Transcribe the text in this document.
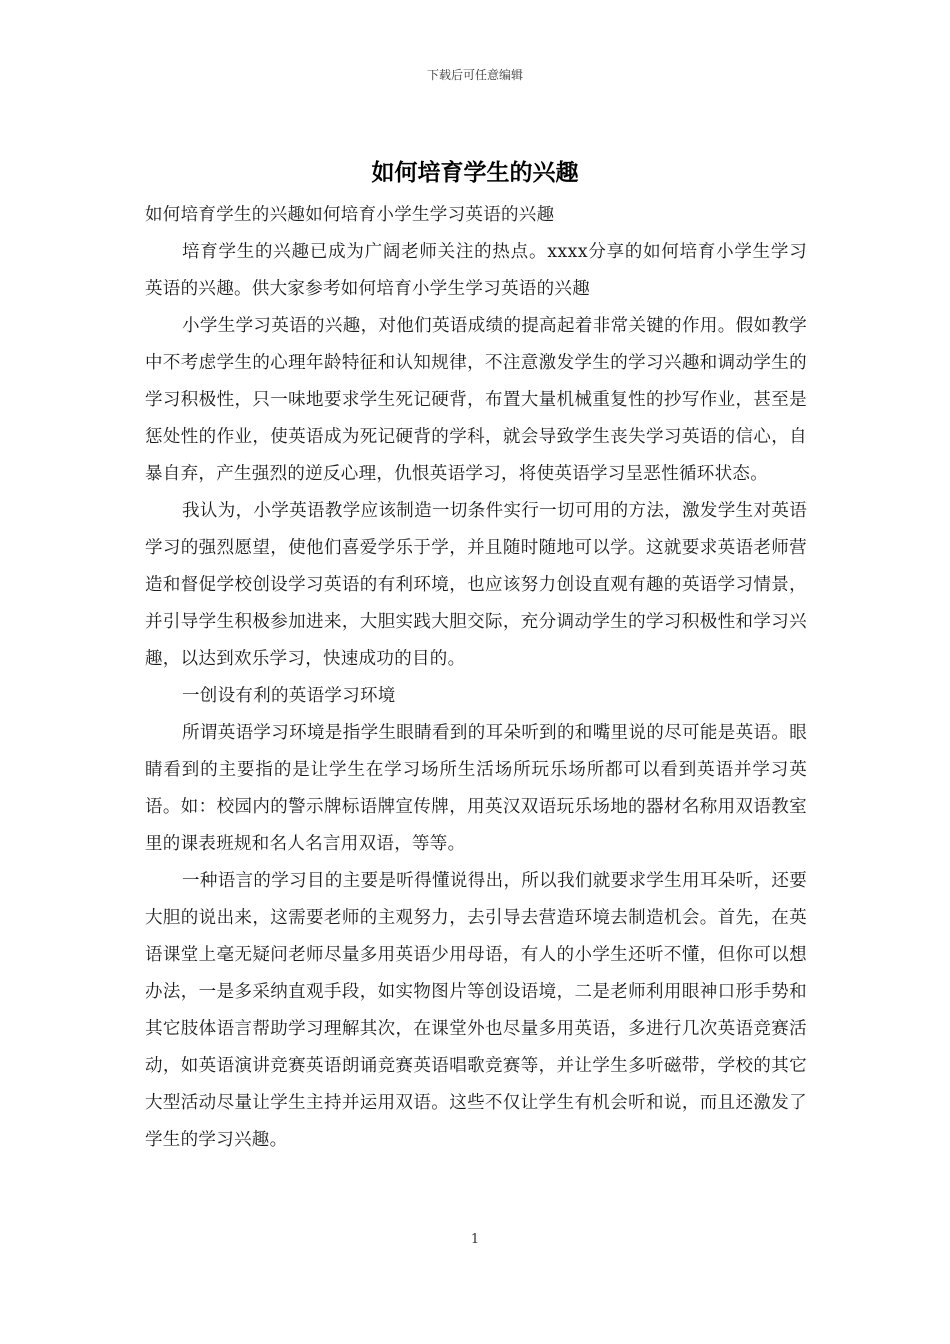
下载后可任意编辑
如何培育学生的兴趣

如何培育学生的兴趣如何培育小学生学习英语的兴趣

培育学生的兴趣已成为广阔老师关注的热点。xxxx分享的如何培育小学生学习英语的兴趣。供大家参考如何培育小学生学习英语的兴趣

小学生学习英语的兴趣，对他们英语成绩的提高起着非常关键的作用。假如教学中不考虑学生的心理年龄特征和认知规律，不注意激发学生的学习兴趣和调动学生的学习积极性，只一味地要求学生死记硬背，布置大量机械重复性的抄写作业，甚至是惩处性的作业，使英语成为死记硬背的学科，就会导致学生丧失学习英语的信心，自暴自弃，产生强烈的逆反心理，仇恨英语学习，将使英语学习呈恶性循环状态。

我认为，小学英语教学应该制造一切条件实行一切可用的方法，激发学生对英语学习的强烈愿望，使他们喜爱学乐于学，并且随时随地可以学。这就要求英语老师营造和督促学校创设学习英语的有利环境，也应该努力创设直观有趣的英语学习情景，并引导学生积极参加进来，大胆实践大胆交际，充分调动学生的学习积极性和学习兴趣，以达到欢乐学习，快速成功的目的。

一创设有利的英语学习环境

所谓英语学习环境是指学生眼睛看到的耳朵听到的和嘴里说的尽可能是英语。眼睛看到的主要指的是让学生在学习场所生活场所玩乐场所都可以看到英语并学习英语。如：校园内的警示牌标语牌宣传牌，用英汉双语玩乐场地的器材名称用双语教室里的课表班规和名人名言用双语，等等。

一种语言的学习目的主要是听得懂说得出，所以我们就要求学生用耳朵听，还要大胆的说出来，这需要老师的主观努力，去引导去营造环境去制造机会。首先，在英语课堂上毫无疑问老师尽量多用英语少用母语，有人的小学生还听不懂，但你可以想办法，一是多采纳直观手段，如实物图片等创设语境，二是老师利用眼神口形手势和其它肢体语言帮助学习理解其次，在课堂外也尽量多用英语，多进行几次英语竞赛活动，如英语演讲竞赛英语朗诵竞赛英语唱歌竞赛等，并让学生多听磁带，学校的其它大型活动尽量让学生主持并运用双语。这些不仅让学生有机会听和说，而且还激发了学生的学习兴趣。

1
